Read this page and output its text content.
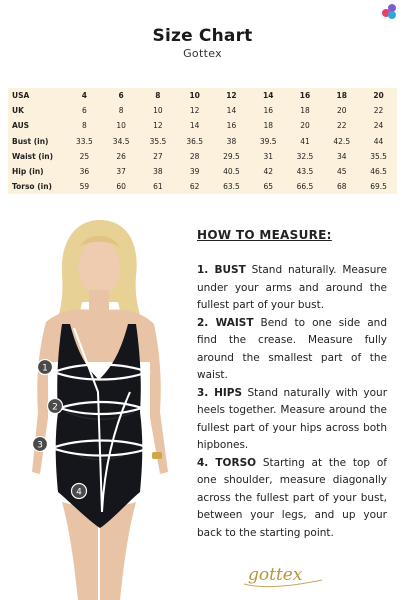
Size Chart
Gottex
USA	4	6	8	10	12	14	16	18	20
UK	6	8	10	12	14	16	18	20	22
AUS	8	10	12	14	16	18	20	22	24
Bust (in)	33.5	34.5	35.5	36.5	38	39.5	41	42.5	44
Waist (in)	25	26	27	28	29.5	31	32.5	34	35.5
Hip (in)	36	37	38	39	40.5	42	43.5	45	46.5
Torso (in)	59	60	61	62	63.5	65	66.5	68	69.5
1
2
3
4
HOW TO MEASURE:

1. BUST Stand naturally. Measure under your arms and around the fullest part of your bust.

2. WAIST Bend to one side and find the crease. Measure fully around the smallest part of the waist.

3. HIPS Stand naturally with your heels together. Measure around the fullest part of your hips across both hipbones.

4. TORSO Starting at the top of one shoulder, measure diagonally across the fullest part of your bust, between your legs, and up your back to the starting point.

gottex
